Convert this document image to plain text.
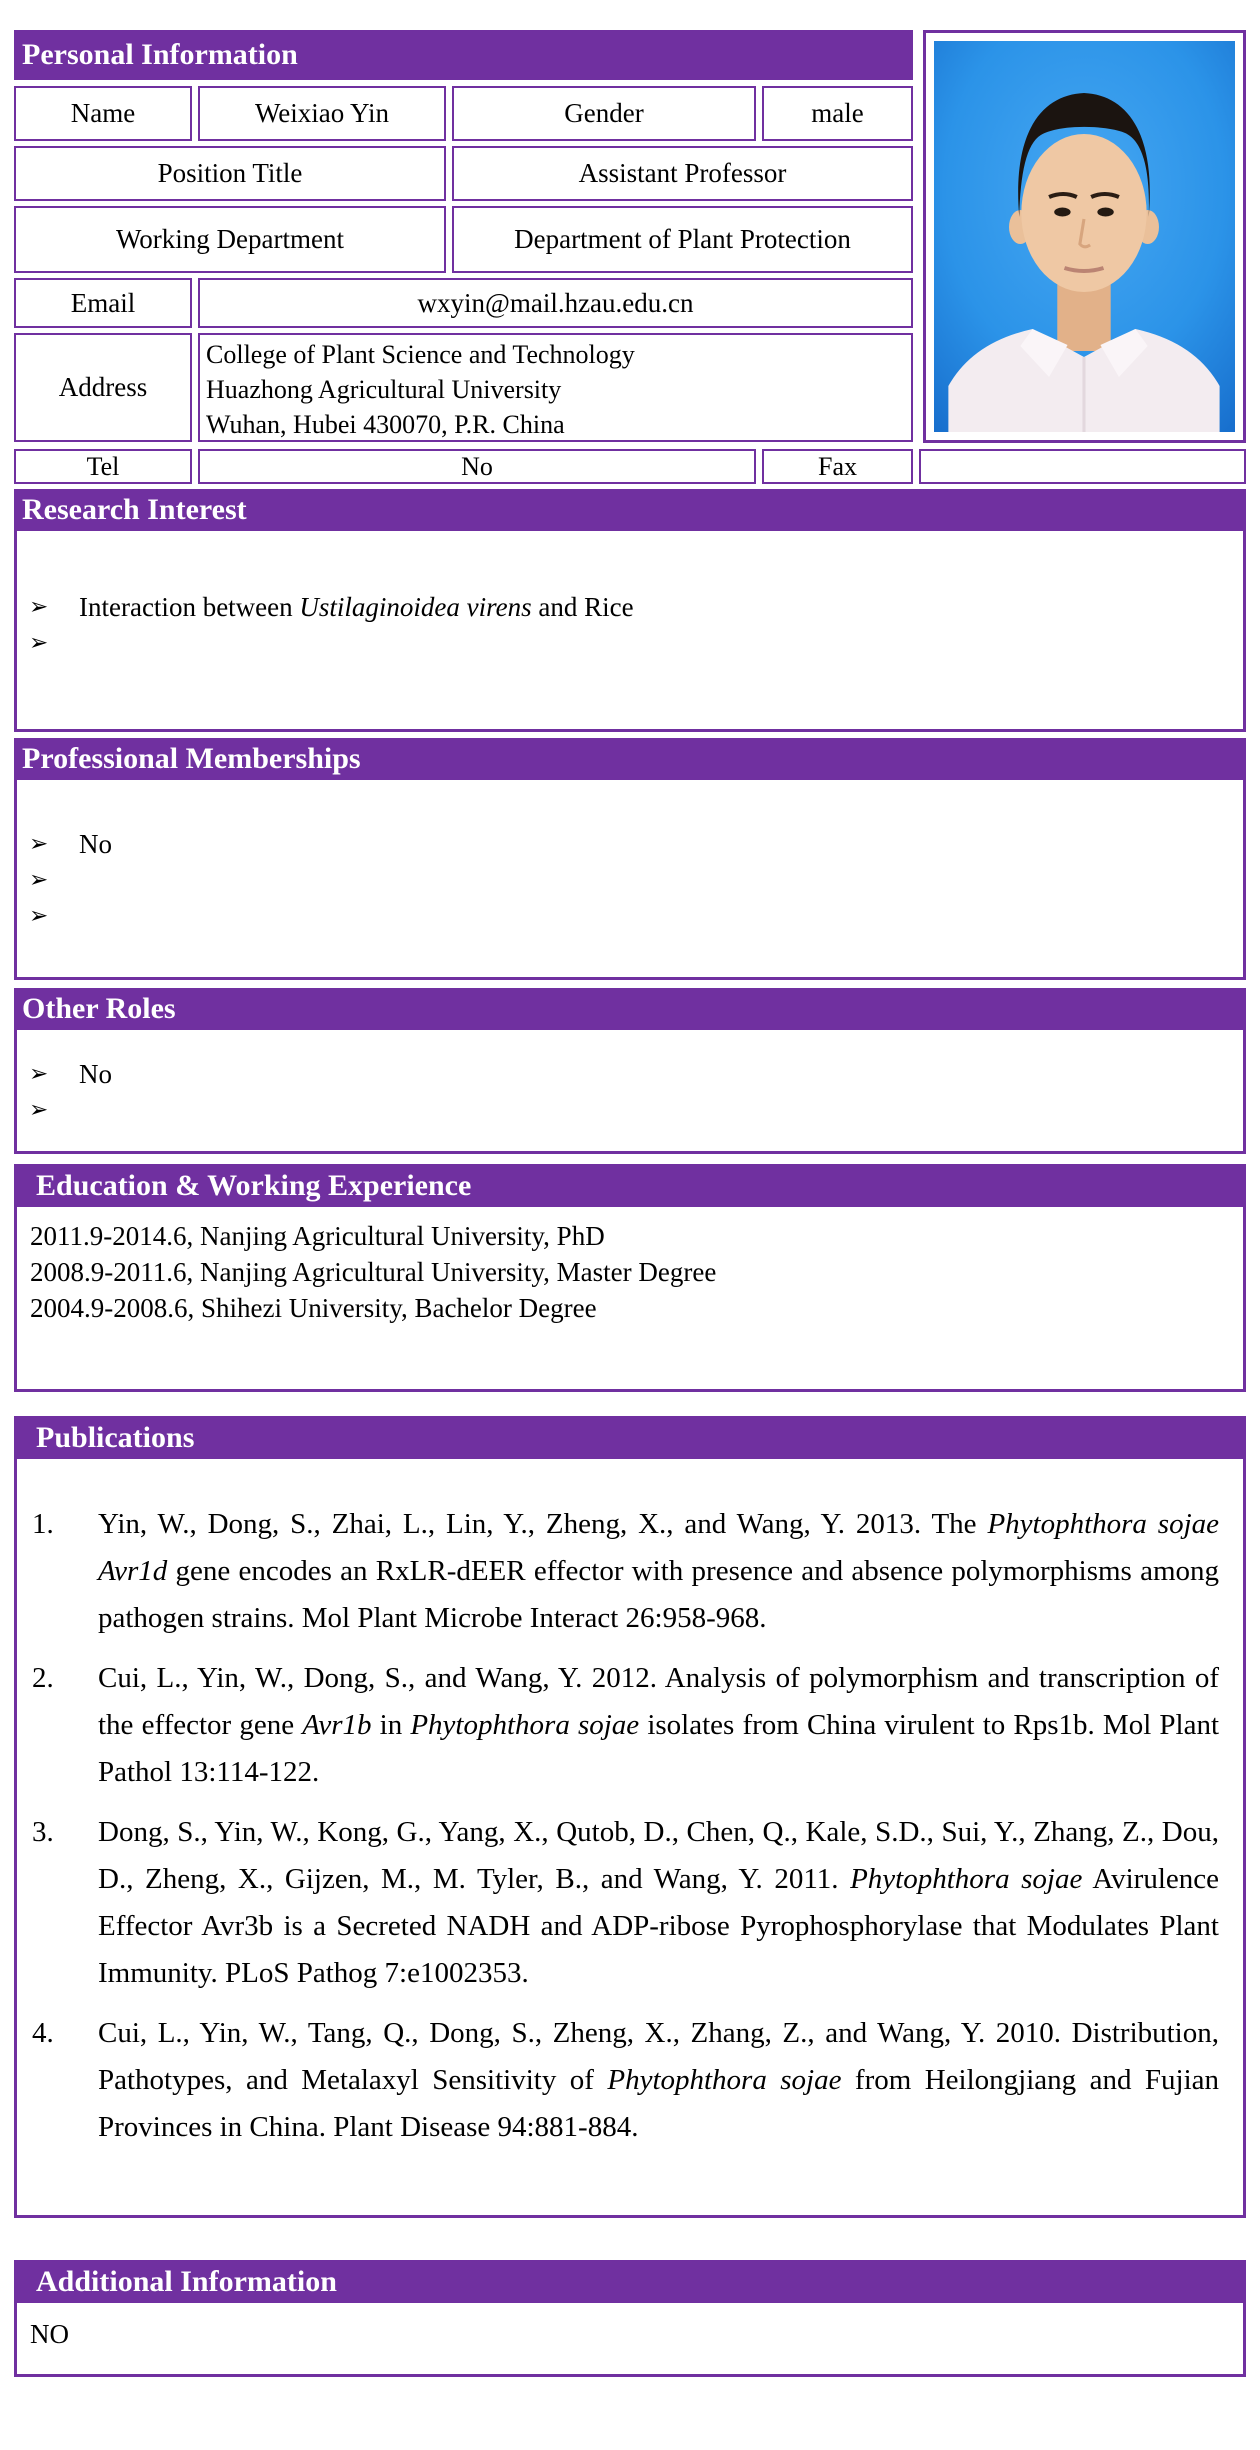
Personal Information
Name	Weixiao Yin	Gender	male
Position Title	Assistant Professor
Working Department	Department of Plant Protection
Email	wxyin@mail.hzau.edu.cn
Address
College of Plant Science and Technology
Huazhong Agricultural University
Wuhan, Hubei 430070, P.R. China
Tel	No	Fax
Research Interest
➢	Interaction between Ustilaginoidea virens and Rice
➢
Professional Memberships
➢	No
➢
➢
Other Roles
➢	No
➢
Education & Working Experience
2011.9-2014.6, Nanjing Agricultural University, PhD
2008.9-2011.6, Nanjing Agricultural University, Master Degree
2004.9-2008.6, Shihezi University, Bachelor Degree
Publications
1.	Yin, W., Dong, S., Zhai, L., Lin, Y., Zheng, X., and Wang, Y. 2013. The Phytophthora sojae Avr1d gene encodes an RxLR-dEER effector with presence and absence polymorphisms among pathogen strains. Mol Plant Microbe Interact 26:958-968.
2.	Cui, L., Yin, W., Dong, S., and Wang, Y. 2012. Analysis of polymorphism and transcription of the effector gene Avr1b in Phytophthora sojae isolates from China virulent to Rps1b. Mol Plant Pathol 13:114-122.
3.	Dong, S., Yin, W., Kong, G., Yang, X., Qutob, D., Chen, Q., Kale, S.D., Sui, Y., Zhang, Z., Dou, D., Zheng, X., Gijzen, M., M. Tyler, B., and Wang, Y. 2011. Phytophthora sojae Avirulence Effector Avr3b is a Secreted NADH and ADP-ribose Pyrophosphorylase that Modulates Plant Immunity. PLoS Pathog 7:e1002353.
4.	Cui, L., Yin, W., Tang, Q., Dong, S., Zheng, X., Zhang, Z., and Wang, Y. 2010. Distribution, Pathotypes, and Metalaxyl Sensitivity of Phytophthora sojae from Heilongjiang and Fujian Provinces in China. Plant Disease 94:881-884.
Additional Information
NO
